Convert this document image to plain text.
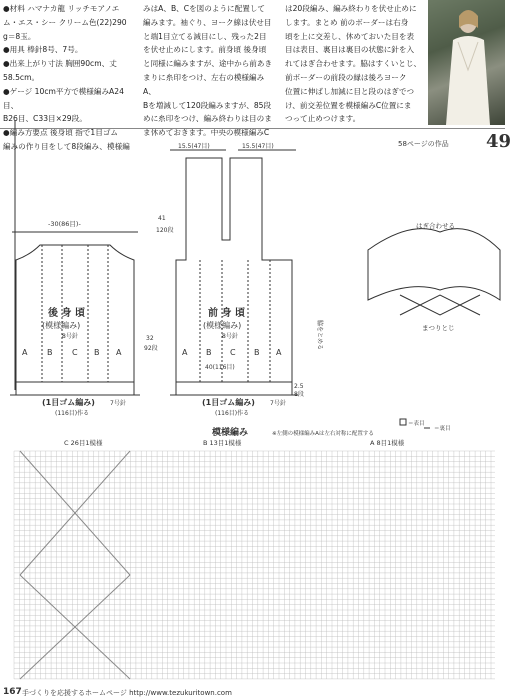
●材料 ハマナカ龍 リッチモアノエ

ム・エス・シー クリーム色(22)290

g＝8玉。

●用具 棒針8号、7号。

●出来上がり寸法 胸囲90cm、丈58.5cm。

●ゲージ 10cm平方で模様編みA24目、

B26目、C33目×29段。

●編み方要点 後身頃 指で1目ゴム

編みの作り目をして8段編み、模様編

みはA、B、Cを図のように配置して

編みます。袖ぐり、ヨーク線は伏せ目

と端1目立てる減目にし、残った2目

を伏せ止めにします。前身頃 後身頃

と同様に編みますが、途中から前あき

まりに糸印をつけ、左右の模様編みA、

Bを増減して120段編みますが、85段

めに糸印をつけ、編み終わりは目のま

ま休めておきます。中央の模様編みC

は20段編み、編み終わりを伏せ止めに

します。まとめ 前のボーダーは右身

頃を上に交差し、休めておいた目を表

目は表目、裏目は裏目の状態に針を入

れてはぎ合わせます。脇はすくいとじ、

前ボーダーの前段の縁は後ろヨーク

位置に伸ばし加減に目と段のはぎでつ

け、前交差位置を模様編みC位置にま

つって止めつけます。

58ページの作品 49
-30(86目)-
後 身 頃
(模様編み)
8号針
A B C B A
(1目ゴム編み)	7号針
(116目)作る
32
92段
15.5(47目)	15.5(47目)
41
120段
前 身 頃
(模様編み)
8号針
A B C B A
40(116目)
(1目ゴム編み)	7号針
(116目)作る
2.5
8段
脇をとめる
はぎ合わせる
まつりとじ
模様編み	※左側の模様編みAは左右対称に配置する
＝表目
＝裏目
C 26目1模様	B 13目1模様	A 8目1模様
167 手づくりを応援するホームページ http://www.tezukuritown.com
